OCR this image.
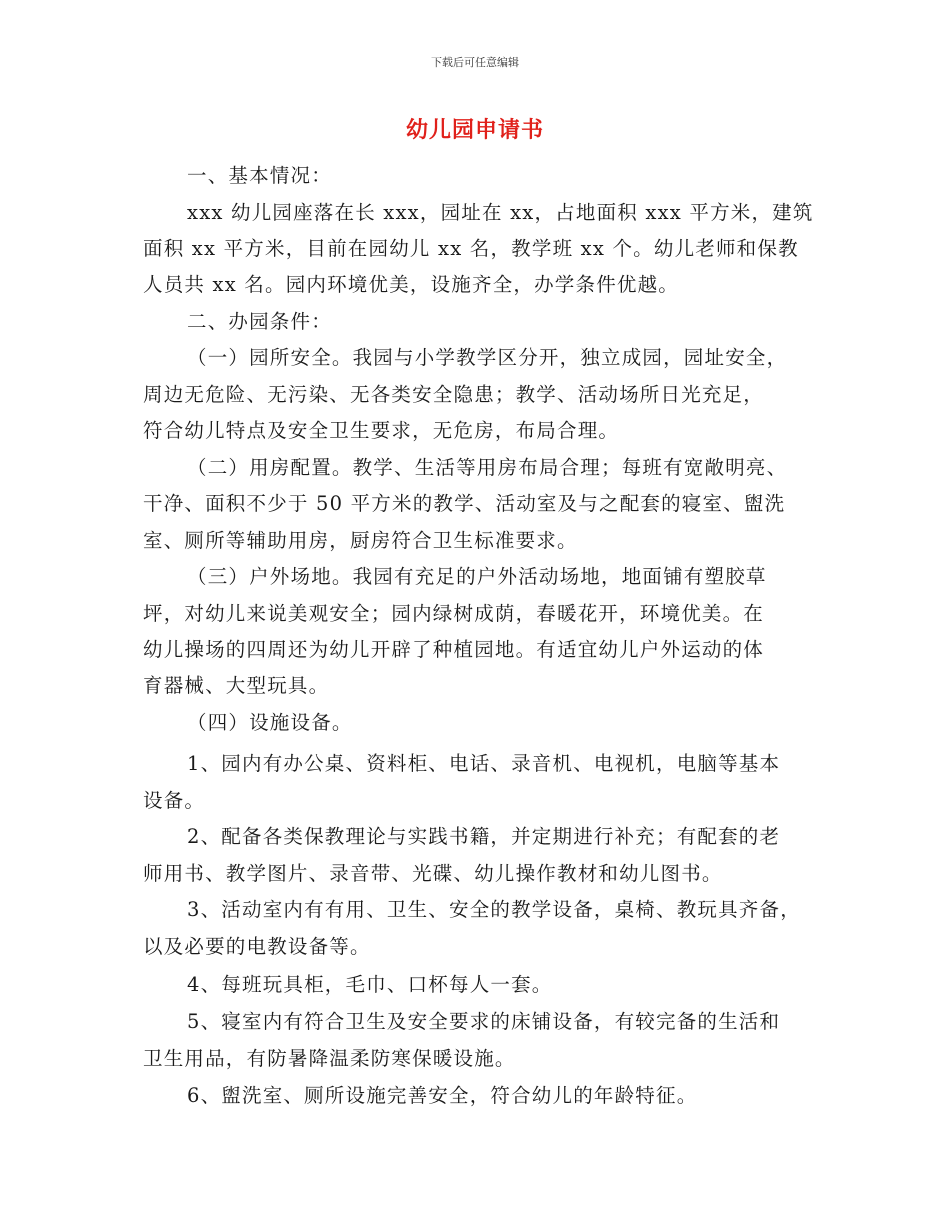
下载后可任意编辑
幼儿园申请书
一、基本情况：
xxx 幼儿园座落在长 xxx，园址在 xx，占地面积 xxx 平方米，建筑
面积 xx 平方米，目前在园幼儿 xx 名，教学班 xx 个。幼儿老师和保教
人员共 xx 名。园内环境优美，设施齐全，办学条件优越。
二、办园条件：
（一）园所安全。我园与小学教学区分开，独立成园，园址安全，
周边无危险、无污染、无各类安全隐患；教学、活动场所日光充足，
符合幼儿特点及安全卫生要求，无危房，布局合理。
（二）用房配置。教学、生活等用房布局合理；每班有宽敞明亮、
干净、面积不少于 50 平方米的教学、活动室及与之配套的寝室、盥洗
室、厕所等辅助用房，厨房符合卫生标准要求。
（三）户外场地。我园有充足的户外活动场地，地面铺有塑胶草
坪，对幼儿来说美观安全；园内绿树成荫，春暖花开，环境优美。在
幼儿操场的四周还为幼儿开辟了种植园地。有适宜幼儿户外运动的体
育器械、大型玩具。
（四）设施设备。
1、园内有办公桌、资料柜、电话、录音机、电视机，电脑等基本
设备。
2、配备各类保教理论与实践书籍，并定期进行补充；有配套的老
师用书、教学图片、录音带、光碟、幼儿操作教材和幼儿图书。
3、活动室内有有用、卫生、安全的教学设备，桌椅、教玩具齐备，
以及必要的电教设备等。
4、每班玩具柜，毛巾、口杯每人一套。
5、寝室内有符合卫生及安全要求的床铺设备，有较完备的生活和
卫生用品，有防暑降温柔防寒保暖设施。
6、盥洗室、厕所设施完善安全，符合幼儿的年龄特征。
